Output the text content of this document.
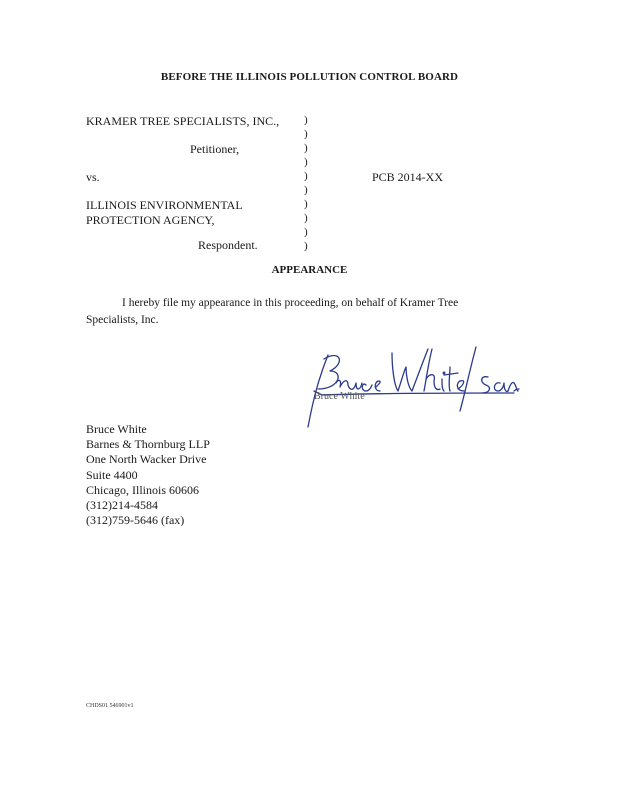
BEFORE THE ILLINOIS POLLUTION CONTROL BOARD
KRAMER TREE SPECIALISTS, INC.,
Petitioner,
vs.	PCB 2014-XX
ILLINOIS ENVIRONMENTAL
PROTECTION AGENCY,
Respondent.
)
)
)
)
)
)
)
)
)
)
APPEARANCE
I hereby file my appearance in this proceeding, on behalf of Kramer Tree Specialists, Inc.
Bruce White
Bruce White
Barnes & Thornburg LLP
One North Wacker Drive
Suite 4400
Chicago, Illinois 60606
(312)214-4584
(312)759-5646 (fax)
CHDS01 546901v1
